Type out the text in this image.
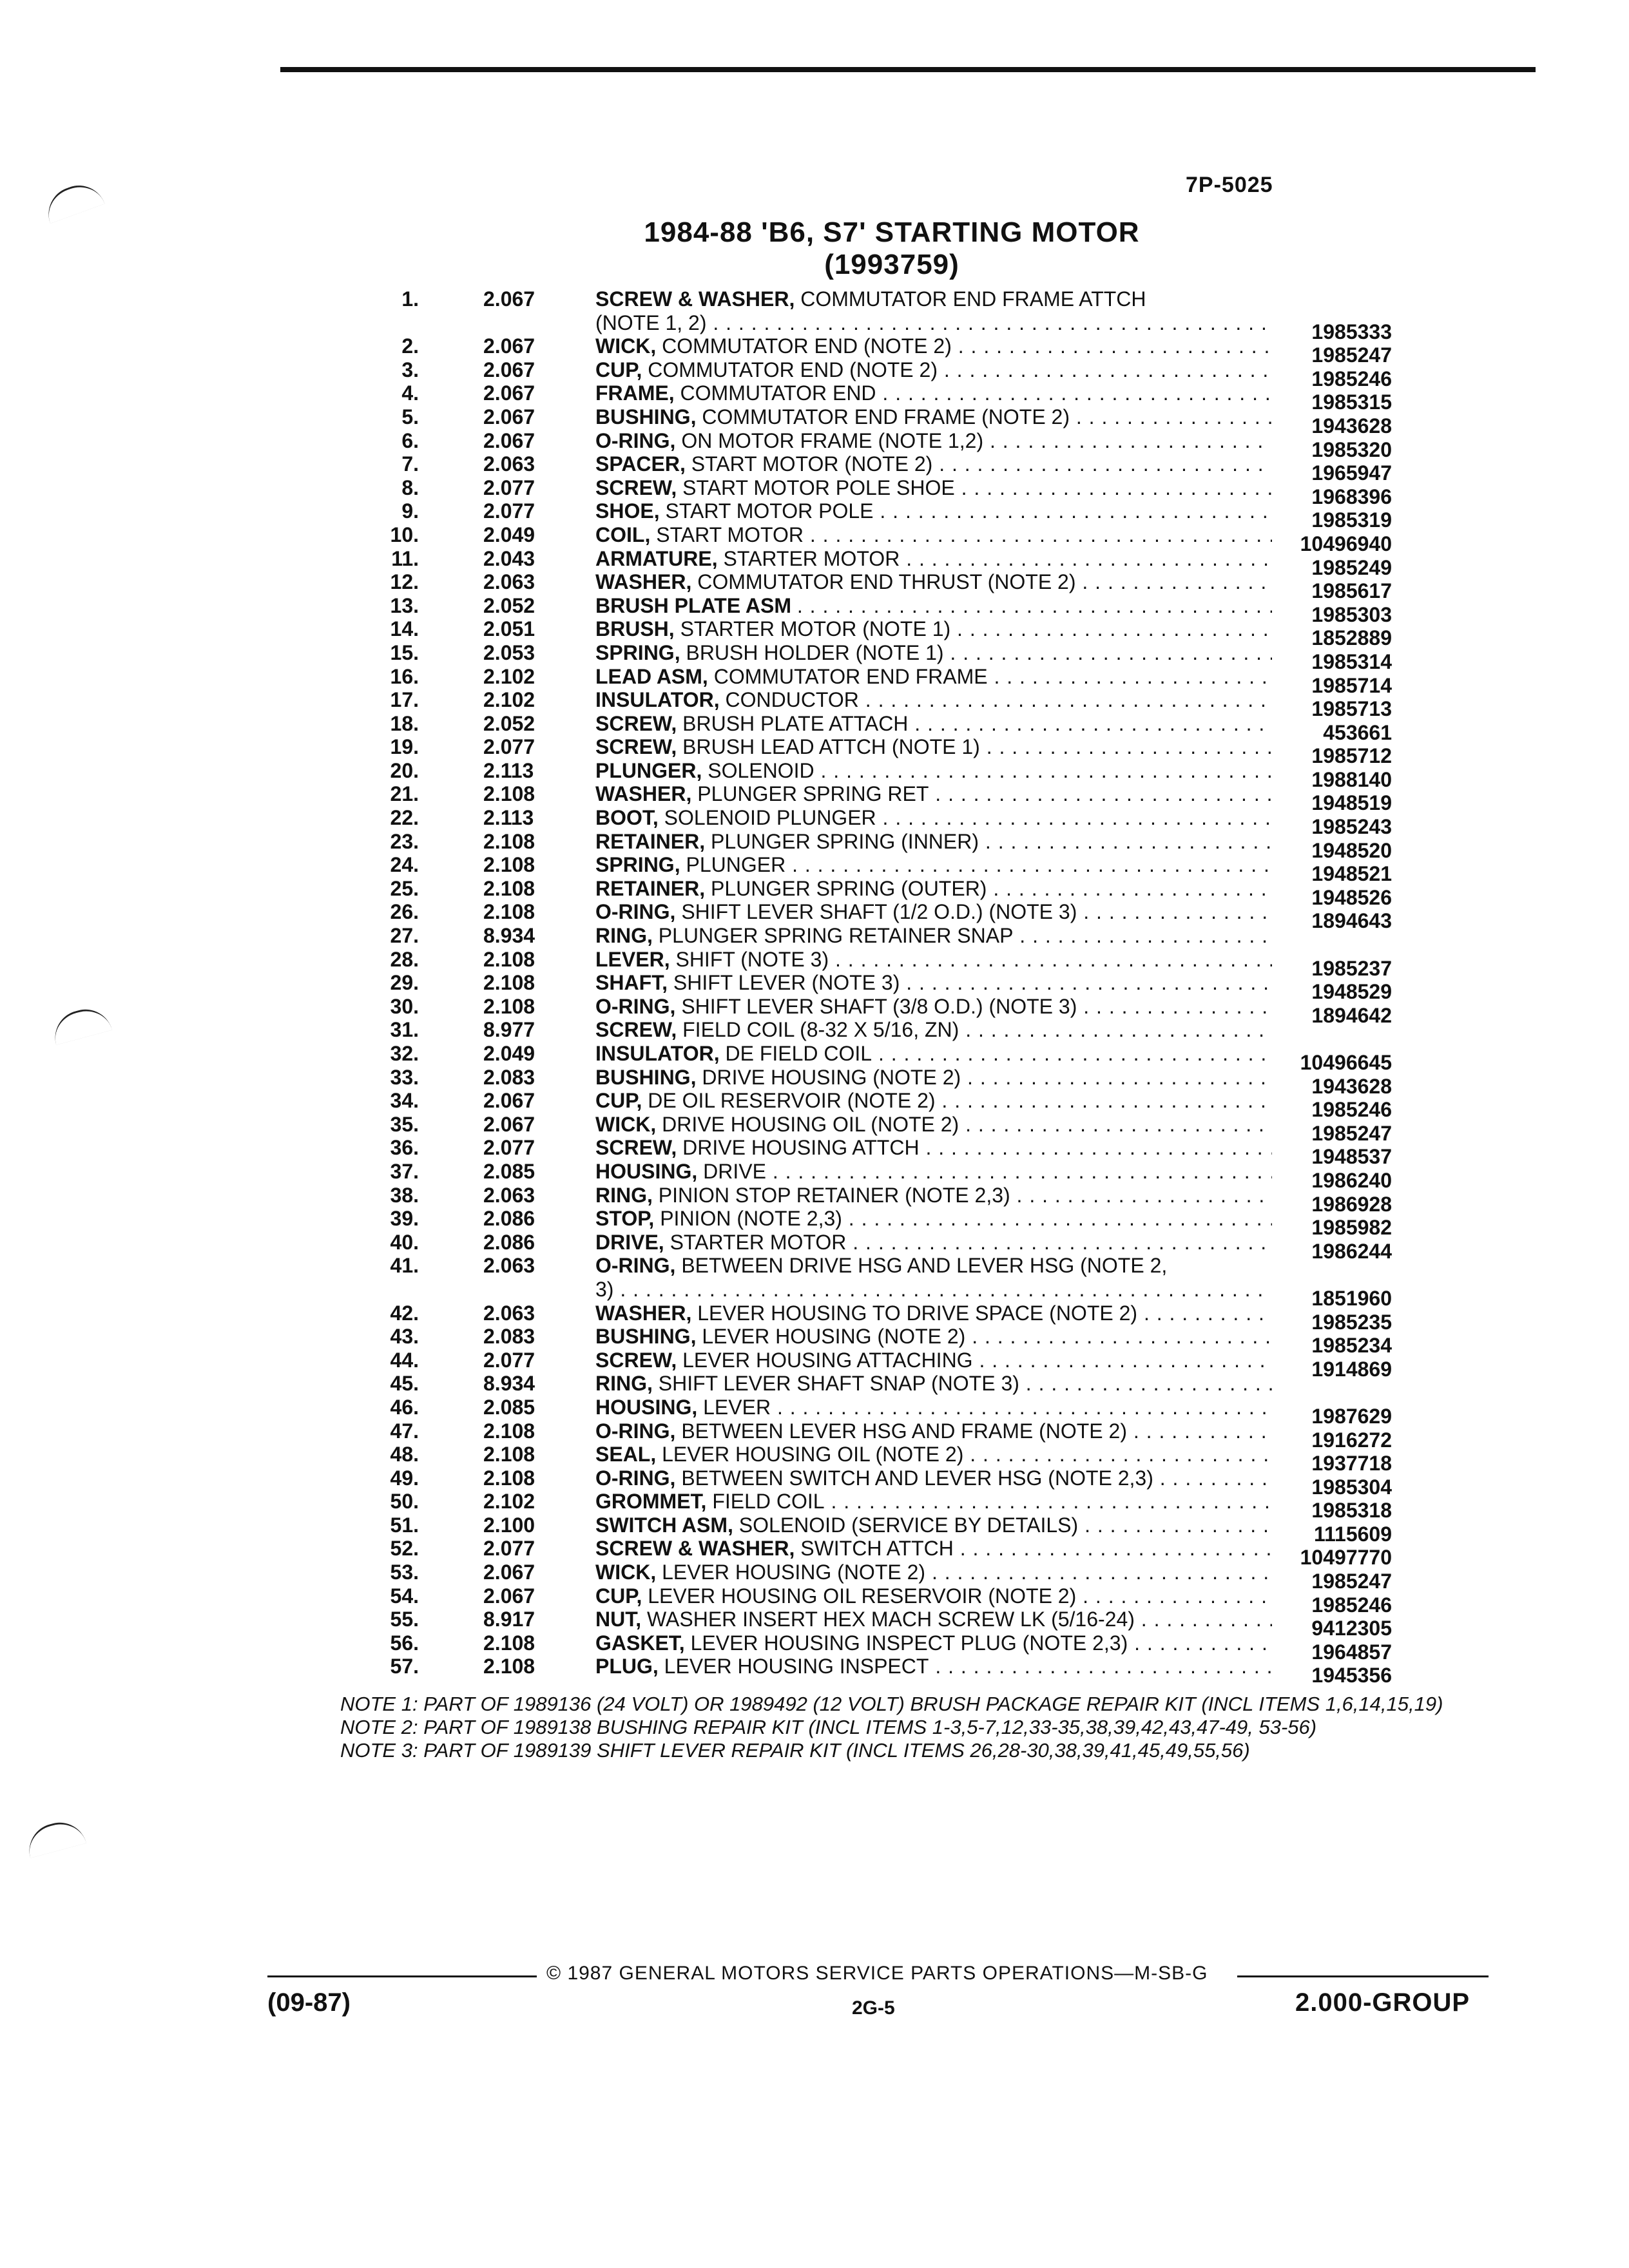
7P-5025
1984-88 'B6, S7' STARTING MOTOR
(1993759)
1.	2.067	SCREW & WASHER, COMMUTATOR END FRAME ATTCH
(NOTE 1, 2) . . .	1985333
2.	2.067	WICK, COMMUTATOR END (NOTE 2) . . .	1985247
3.	2.067	CUP, COMMUTATOR END (NOTE 2) . . .	1985246
4.	2.067	FRAME, COMMUTATOR END . . .	1985315
5.	2.067	BUSHING, COMMUTATOR END FRAME (NOTE 2) . . .	1943628
6.	2.067	O-RING, ON MOTOR FRAME (NOTE 1,2) . . .	1985320
7.	2.063	SPACER, START MOTOR (NOTE 2) . . .	1965947
8.	2.077	SCREW, START MOTOR POLE SHOE . . .	1968396
9.	2.077	SHOE, START MOTOR POLE . . .	1985319
10.	2.049	COIL, START MOTOR . . .	10496940
11.	2.043	ARMATURE, STARTER MOTOR . . .	1985249
12.	2.063	WASHER, COMMUTATOR END THRUST (NOTE 2) . . .	1985617
13.	2.052	BRUSH PLATE ASM . . .	1985303
14.	2.051	BRUSH, STARTER MOTOR (NOTE 1) . . .	1852889
15.	2.053	SPRING, BRUSH HOLDER (NOTE 1) . . .	1985314
16.	2.102	LEAD ASM, COMMUTATOR END FRAME . . .	1985714
17.	2.102	INSULATOR, CONDUCTOR . . .	1985713
18.	2.052	SCREW, BRUSH PLATE ATTACH . . .	453661
19.	2.077	SCREW, BRUSH LEAD ATTCH (NOTE 1) . . .	1985712
20.	2.113	PLUNGER, SOLENOID . . .	1988140
21.	2.108	WASHER, PLUNGER SPRING RET . . .	1948519
22.	2.113	BOOT, SOLENOID PLUNGER . . .	1985243
23.	2.108	RETAINER, PLUNGER SPRING (INNER) . . .	1948520
24.	2.108	SPRING, PLUNGER . . .	1948521
25.	2.108	RETAINER, PLUNGER SPRING (OUTER) . . .	1948526
26.	2.108	O-RING, SHIFT LEVER SHAFT (1/2 O.D.) (NOTE 3) . . .	1894643
27.	8.934	RING, PLUNGER SPRING RETAINER SNAP . . .
28.	2.108	LEVER, SHIFT (NOTE 3) . . .	1985237
29.	2.108	SHAFT, SHIFT LEVER (NOTE 3) . . .	1948529
30.	2.108	O-RING, SHIFT LEVER SHAFT (3/8 O.D.) (NOTE 3) . . .	1894642
31.	8.977	SCREW, FIELD COIL (8-32 X 5/16, ZN) . . .
32.	2.049	INSULATOR, DE FIELD COIL . . .	10496645
33.	2.083	BUSHING, DRIVE HOUSING (NOTE 2) . . .	1943628
34.	2.067	CUP, DE OIL RESERVOIR (NOTE 2) . . .	1985246
35.	2.067	WICK, DRIVE HOUSING OIL (NOTE 2) . . .	1985247
36.	2.077	SCREW, DRIVE HOUSING ATTCH . . .	1948537
37.	2.085	HOUSING, DRIVE . . .	1986240
38.	2.063	RING, PINION STOP RETAINER (NOTE 2,3) . . .	1986928
39.	2.086	STOP, PINION (NOTE 2,3) . . .	1985982
40.	2.086	DRIVE, STARTER MOTOR . . .	1986244
41.	2.063	O-RING, BETWEEN DRIVE HSG AND LEVER HSG (NOTE 2,
3) . . .	1851960
42.	2.063	WASHER, LEVER HOUSING TO DRIVE SPACE (NOTE 2) . . .	1985235
43.	2.083	BUSHING, LEVER HOUSING (NOTE 2) . . .	1985234
44.	2.077	SCREW, LEVER HOUSING ATTACHING . . .	1914869
45.	8.934	RING, SHIFT LEVER SHAFT SNAP (NOTE 3) . . .
46.	2.085	HOUSING, LEVER . . .	1987629
47.	2.108	O-RING, BETWEEN LEVER HSG AND FRAME (NOTE 2) . . .	1916272
48.	2.108	SEAL, LEVER HOUSING OIL (NOTE 2) . . .	1937718
49.	2.108	O-RING, BETWEEN SWITCH AND LEVER HSG (NOTE 2,3) . . .	1985304
50.	2.102	GROMMET, FIELD COIL . . .	1985318
51.	2.100	SWITCH ASM, SOLENOID (SERVICE BY DETAILS) . . .	1115609
52.	2.077	SCREW & WASHER, SWITCH ATTCH . . .	10497770
53.	2.067	WICK, LEVER HOUSING (NOTE 2) . . .	1985247
54.	2.067	CUP, LEVER HOUSING OIL RESERVOIR (NOTE 2) . . .	1985246
55.	8.917	NUT, WASHER INSERT HEX MACH SCREW LK (5/16-24) . . .	9412305
56.	2.108	GASKET, LEVER HOUSING INSPECT PLUG (NOTE 2,3) . . .	1964857
57.	2.108	PLUG, LEVER HOUSING INSPECT . . .	1945356
NOTE 1: PART OF 1989136 (24 VOLT) OR 1989492 (12 VOLT) BRUSH PACKAGE REPAIR KIT (INCL ITEMS 1,6,14,15,19)
NOTE 2: PART OF 1989138 BUSHING REPAIR KIT (INCL ITEMS 1-3,5-7,12,33-35,38,39,42,43,47-49, 53-56)
NOTE 3: PART OF 1989139 SHIFT LEVER REPAIR KIT (INCL ITEMS 26,28-30,38,39,41,45,49,55,56)
© 1987 GENERAL MOTORS SERVICE PARTS OPERATIONS—M-SB-G
(09-87)	2G-5	2.000-GROUP
